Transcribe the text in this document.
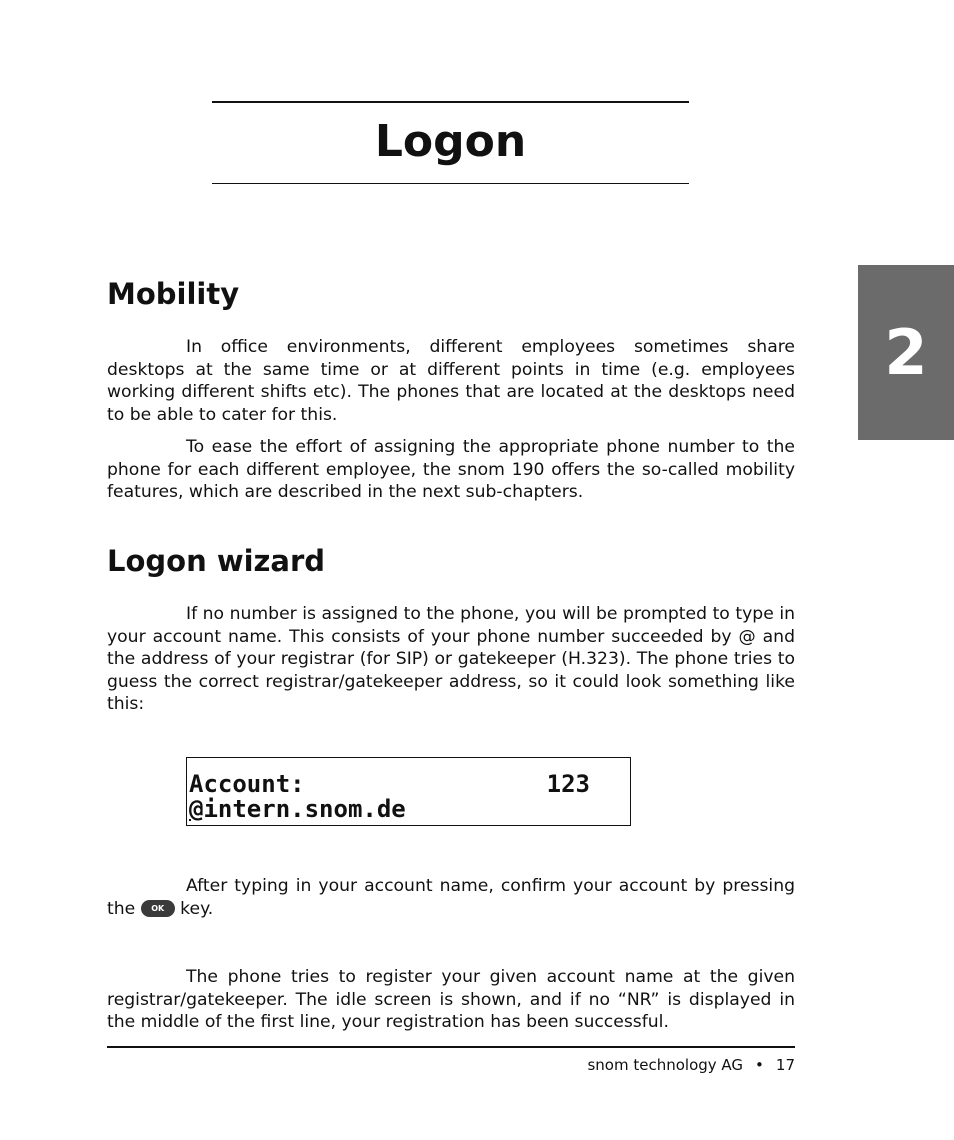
Logon
2
Mobility

In office environments, different employees sometimes share desktops at the same time or at different points in time (e.g. employees working different shifts etc). The phones that are located at the desktops need to be able to cater for this.

To ease the effort of assigning the appropriate phone number to the phone for each different employee, the snom 190 offers the so-called mobility features, which are described in the next sub-chapters.

Logon wizard

If no number is assigned to the phone, you will be prompted to type in your account name. This consists of your phone number succeeded by @ and the address of your registrar (for SIP) or gatekeeper (H.323). The phone tries to guess the correct registrar/gatekeeper address, so it could look something like this:

Account:	123
@intern.snom.de

After typing in your account name, confirm your account by pressing the OK key.

The phone tries to register your given account name at the given registrar/gatekeeper. The idle screen is shown, and if no “NR” is displayed in the middle of the first line, your registration has been successful.

snom technology AG • 17
